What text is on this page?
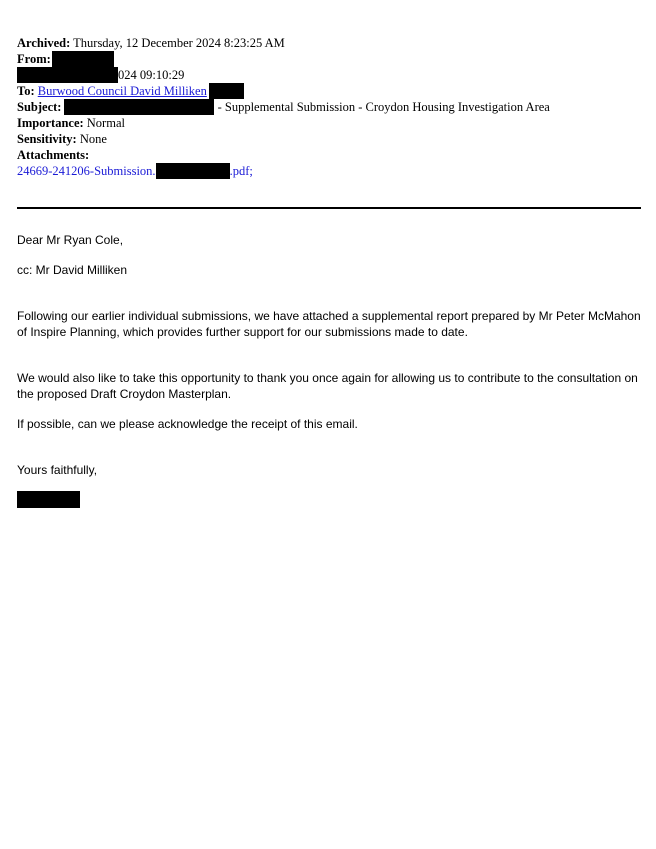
Archived: Thursday, 12 December 2024 8:23:25 AM
From:
024 09:10:29
To: Burwood Council David Milliken
Subject:	- Supplemental Submission - Croydon Housing Investigation Area
Importance: Normal
Sensitivity: None
Attachments:
24669-241206-Submission.	.pdf;

Dear Mr Ryan Cole,

cc: Mr David Milliken

Following our earlier individual submissions, we have attached a supplemental report prepared by Mr Peter McMahon of Inspire Planning, which provides further support for our submissions made to date.

We would also like to take this opportunity to thank you once again for allowing us to contribute to the consultation on the proposed Draft Croydon Masterplan.

If possible, can we please acknowledge the receipt of this email.

Yours faithfully,
